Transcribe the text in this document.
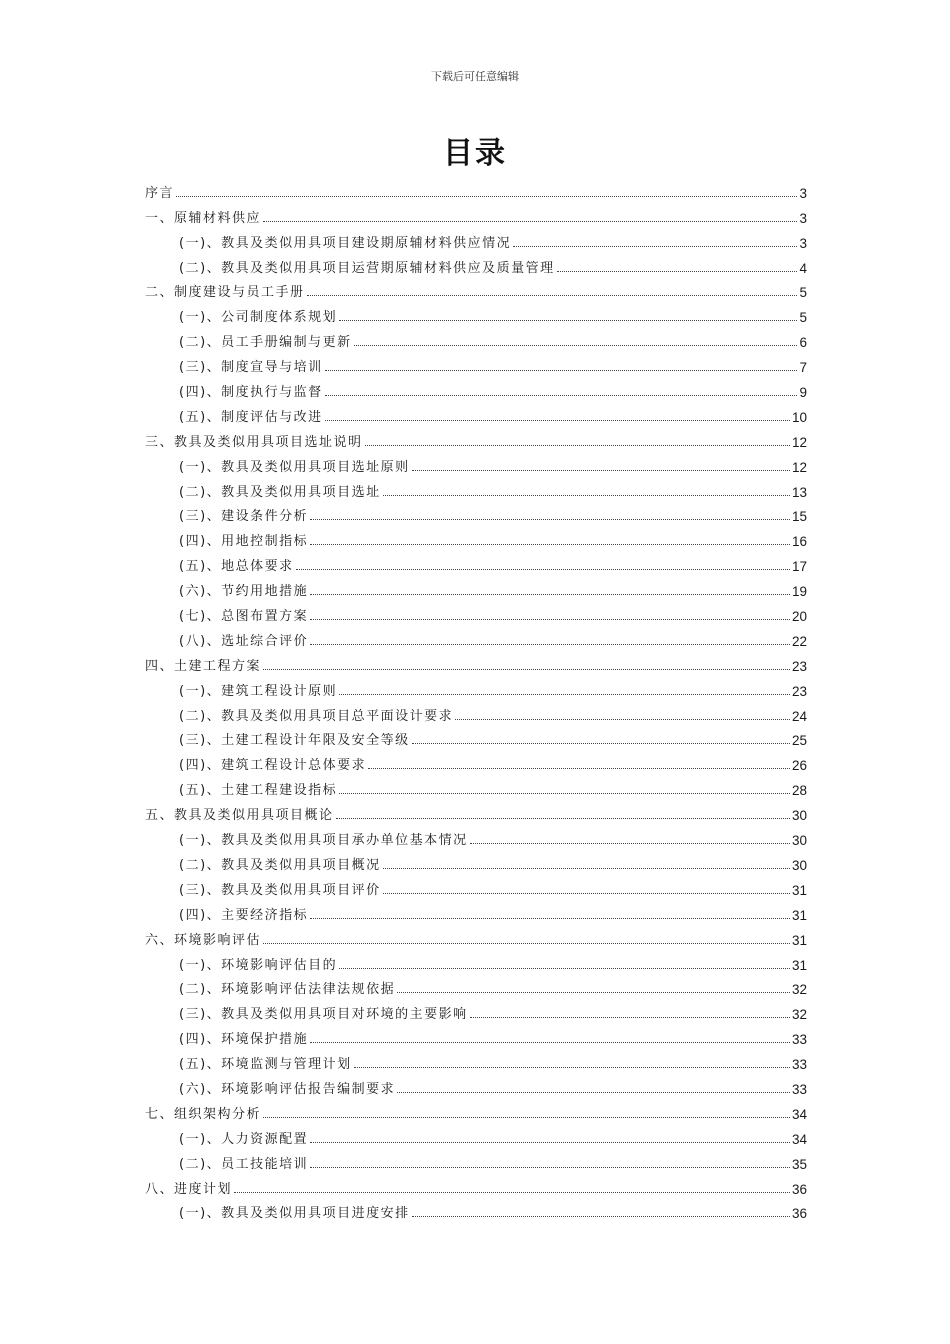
下载后可任意编辑
目录
序言	3
一、原辅材料供应	3
(一)、教具及类似用具项目建设期原辅材料供应情况	3
(二)、教具及类似用具项目运营期原辅材料供应及质量管理	4
二、制度建设与员工手册	5
(一)、公司制度体系规划	5
(二)、员工手册编制与更新	6
(三)、制度宣导与培训	7
(四)、制度执行与监督	9
(五)、制度评估与改进	10
三、教具及类似用具项目选址说明	12
(一)、教具及类似用具项目选址原则	12
(二)、教具及类似用具项目选址	13
(三)、建设条件分析	15
(四)、用地控制指标	16
(五)、地总体要求	17
(六)、节约用地措施	19
(七)、总图布置方案	20
(八)、选址综合评价	22
四、土建工程方案	23
(一)、建筑工程设计原则	23
(二)、教具及类似用具项目总平面设计要求	24
(三)、土建工程设计年限及安全等级	25
(四)、建筑工程设计总体要求	26
(五)、土建工程建设指标	28
五、教具及类似用具项目概论	30
(一)、教具及类似用具项目承办单位基本情况	30
(二)、教具及类似用具项目概况	30
(三)、教具及类似用具项目评价	31
(四)、主要经济指标	31
六、环境影响评估	31
(一)、环境影响评估目的	31
(二)、环境影响评估法律法规依据	32
(三)、教具及类似用具项目对环境的主要影响	32
(四)、环境保护措施	33
(五)、环境监测与管理计划	33
(六)、环境影响评估报告编制要求	33
七、组织架构分析	34
(一)、人力资源配置	34
(二)、员工技能培训	35
八、进度计划	36
(一)、教具及类似用具项目进度安排	36
